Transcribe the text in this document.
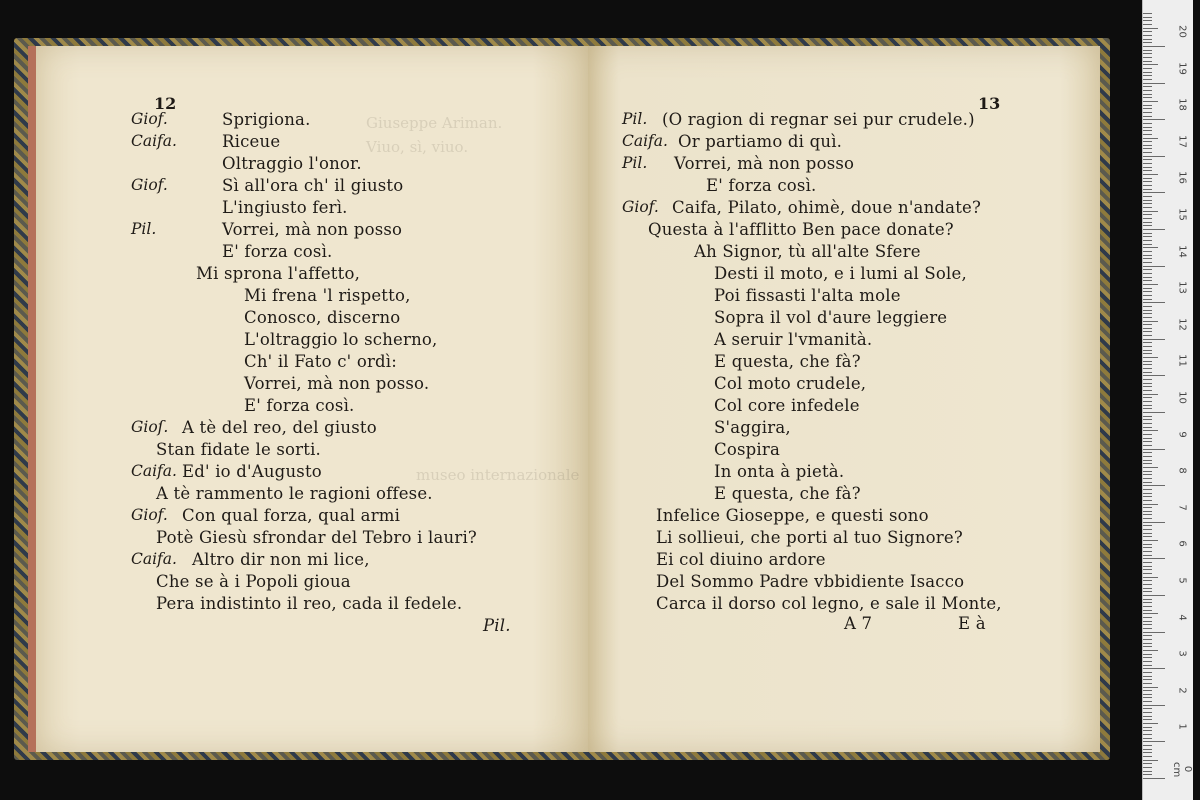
12
Giuseppe Ariman.
Viuo, sì, viuo.
museo internazionale
Giof.	Sprigiona.
Caifa.	Riceue
Oltraggio l'onor.
Giof.	Sì all'ora ch' il giusto
L'ingiusto ferì.
Pil.	Vorrei, mà non posso
E' forza così.
Mi sprona l'affetto,
Mi frena 'l rispetto,
Conosco, discerno
L'oltraggio lo scherno,
Ch' il Fato c' ordì:
Vorrei, mà non posso.
E' forza così.
Gioſ. A tè del reo, del giusto
Stan fidate le sorti.
Caifa. Ed' io d'Augusto
A tè rammento le ragioni offese.
Giof. Con qual forza, qual armi
Potè Giesù sfrondar del Tebro i lauri?
Caifa. Altro dir non mi lice,
Che se à i Popoli gioua
Pera indistinto il reo, cada il fedele.
Pil.
13
Pil. (O ragion di regnar sei pur crudele.)
Caifa. Or partiamo di quì.
Pil. Vorrei, mà non posso
E' forza così.
Giof. Caifa, Pilato, ohimè, doue n'andate?
Questa à l'afflitto Ben pace donate?
Ah Signor, tù all'alte Sfere
Desti il moto, e i lumi al Sole,
Poi fissasti l'alta mole
Sopra il vol d'aure leggiere
A seruir l'vmanità.
E questa, che fà?
Col moto crudele,
Col core infedele
S'aggira,
Cospira
In onta à pietà.
E questa, che fà?
Infelice Gioseppe, e questi sono
Li sollieui, che porti al tuo Signore?
Ei col diuino ardore
Del Sommo Padre vbbidiente Isacco
Carca il dorso col legno, e sale il Monte,
A 7	E à
0 cm
1
2
3
4
5
6
7
8
9
10
11
12
13
14
15
16
17
18
19
20
